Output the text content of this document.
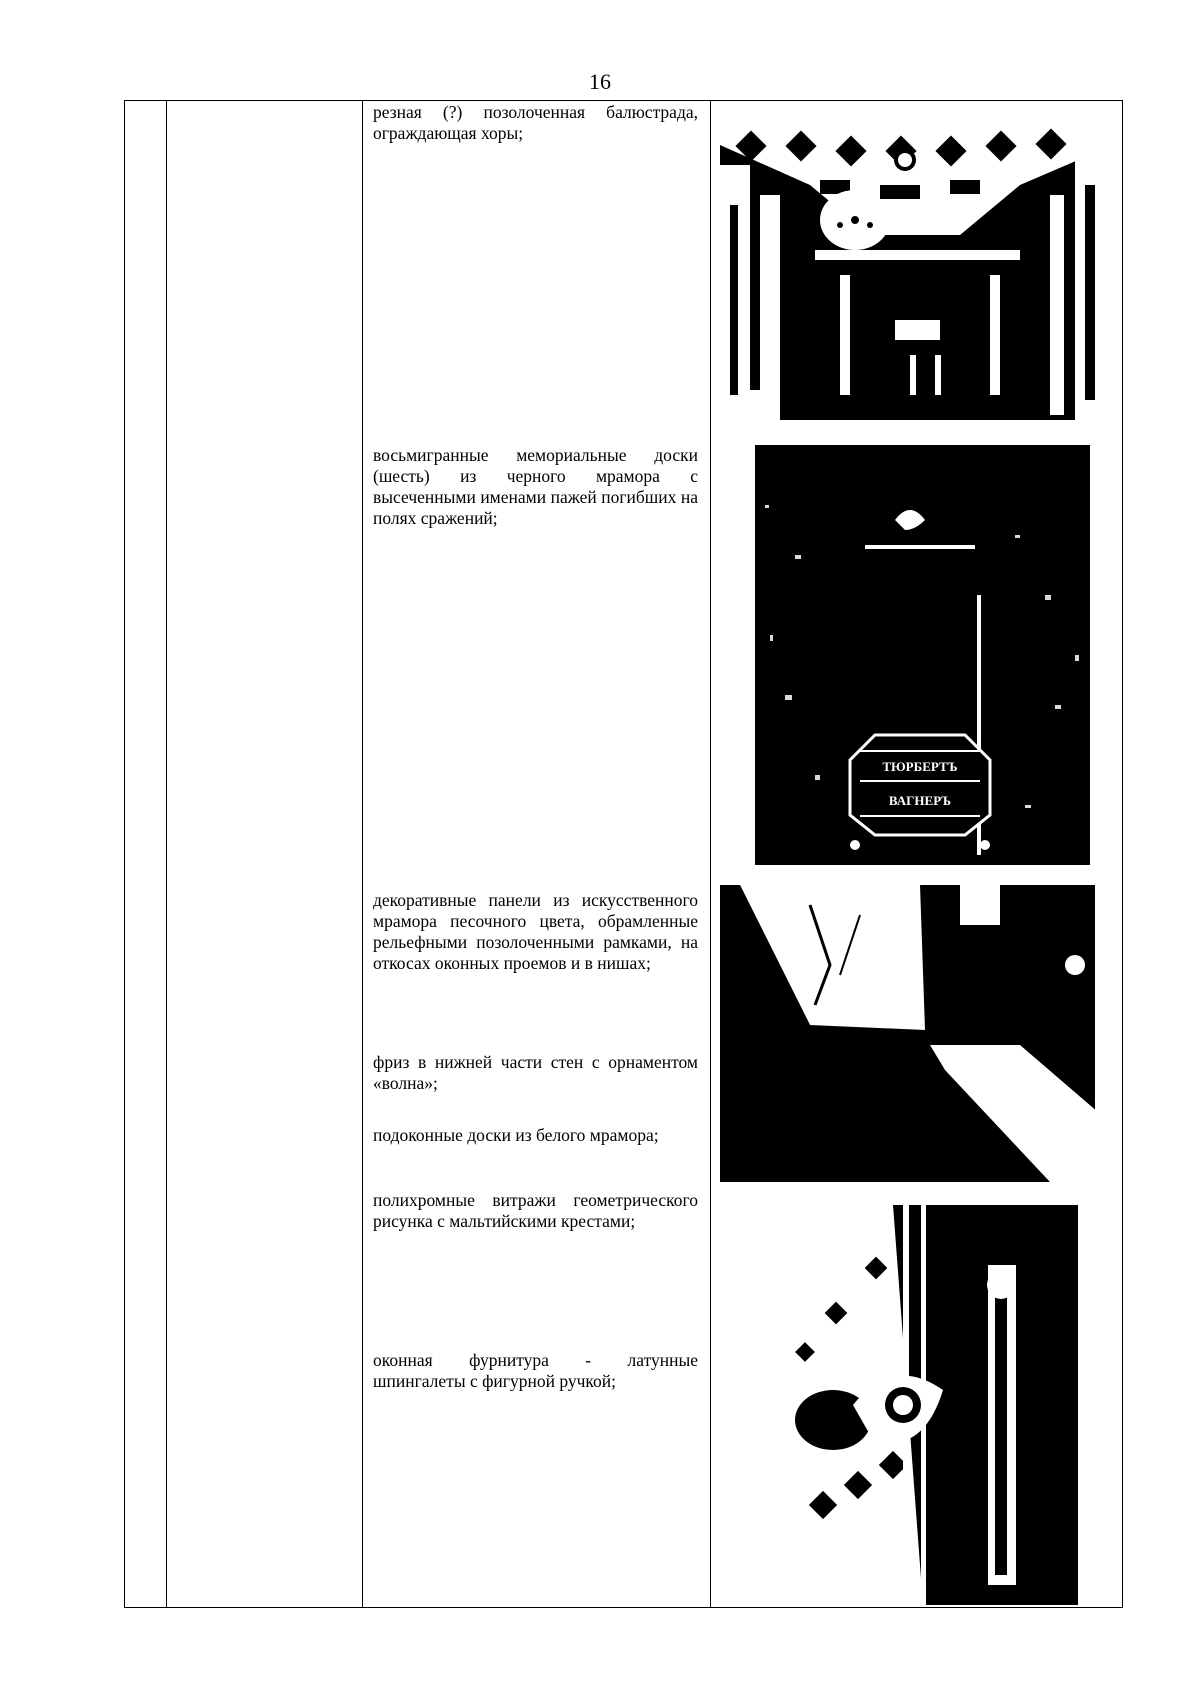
16

резная (?) позолоченная балюстрада, ограждающая хоры;

восьмигранные мемориальные доски (шесть) из черного мрамора с высеченными именами пажей погибших на полях сражений;

декоративные панели из искусственного мрамора песочного цвета, обрамленные рельефными позолоченными рамками, на откосах оконных проемов и в нишах;

фриз в нижней части стен с орнаментом «волна»;

подоконные доски из белого мрамора;

полихромные витражи геометрического рисунка с мальтийскими крестами;

оконная фурнитура - латунные шпингалеты с фигурной ручкой;

ТЮРБЕРТЪ
ВАГНЕРЪ
